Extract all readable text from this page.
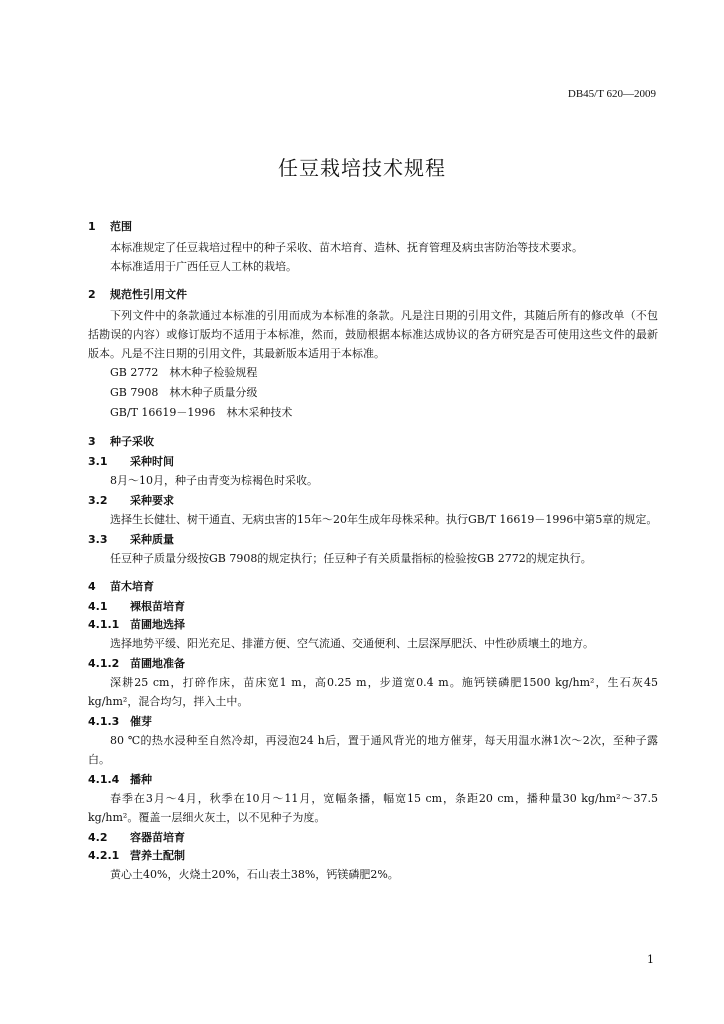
DB45/T 620—2009
任豆栽培技术规程
1 范围

本标准规定了任豆栽培过程中的种子采收、苗木培育、造林、抚育管理及病虫害防治等技术要求。

本标准适用于广西任豆人工林的栽培。

2 规范性引用文件

下列文件中的条款通过本标准的引用而成为本标准的条款。凡是注日期的引用文件，其随后所有的修改单（不包括勘误的内容）或修订版均不适用于本标准，然而，鼓励根据本标准达成协议的各方研究是否可使用这些文件的最新版本。凡是不注日期的引用文件，其最新版本适用于本标准。

GB 2772　林木种子检验规程
GB 7908　林木种子质量分级
GB/T 16619－1996　林木采种技术
3 种子采收
3.1 采种时间

8月～10月，种子由青变为棕褐色时采收。

3.2 采种要求

选择生长健壮、树干通直、无病虫害的15年～20年生成年母株采种。执行GB/T 16619－1996中第5章的规定。

3.3 采种质量

任豆种子质量分级按GB 7908的规定执行；任豆种子有关质量指标的检验按GB 2772的规定执行。

4 苗木培育
4.1 裸根苗培育
4.1.1 苗圃地选择

选择地势平缓、阳光充足、排灌方便、空气流通、交通便利、土层深厚肥沃、中性砂质壤土的地方。

4.1.2 苗圃地准备

深耕25 cm，打碎作床，苗床宽1 m，高0.25 m，步道宽0.4 m。施钙镁磷肥1500 kg/hm²，生石灰45 kg/hm²，混合均匀，拌入土中。

4.1.3 催芽

80 ℃的热水浸种至自然冷却，再浸泡24 h后，置于通风背光的地方催芽，每天用温水淋1次～2次，至种子露白。

4.1.4 播种

春季在3月～4月，秋季在10月～11月，宽幅条播，幅宽15 cm，条距20 cm，播种量30 kg/hm²～37.5 kg/hm²。覆盖一层细火灰土，以不见种子为度。

4.2 容器苗培育
4.2.1 营养土配制

黄心土40%，火烧土20%，石山表土38%，钙镁磷肥2%。

1
